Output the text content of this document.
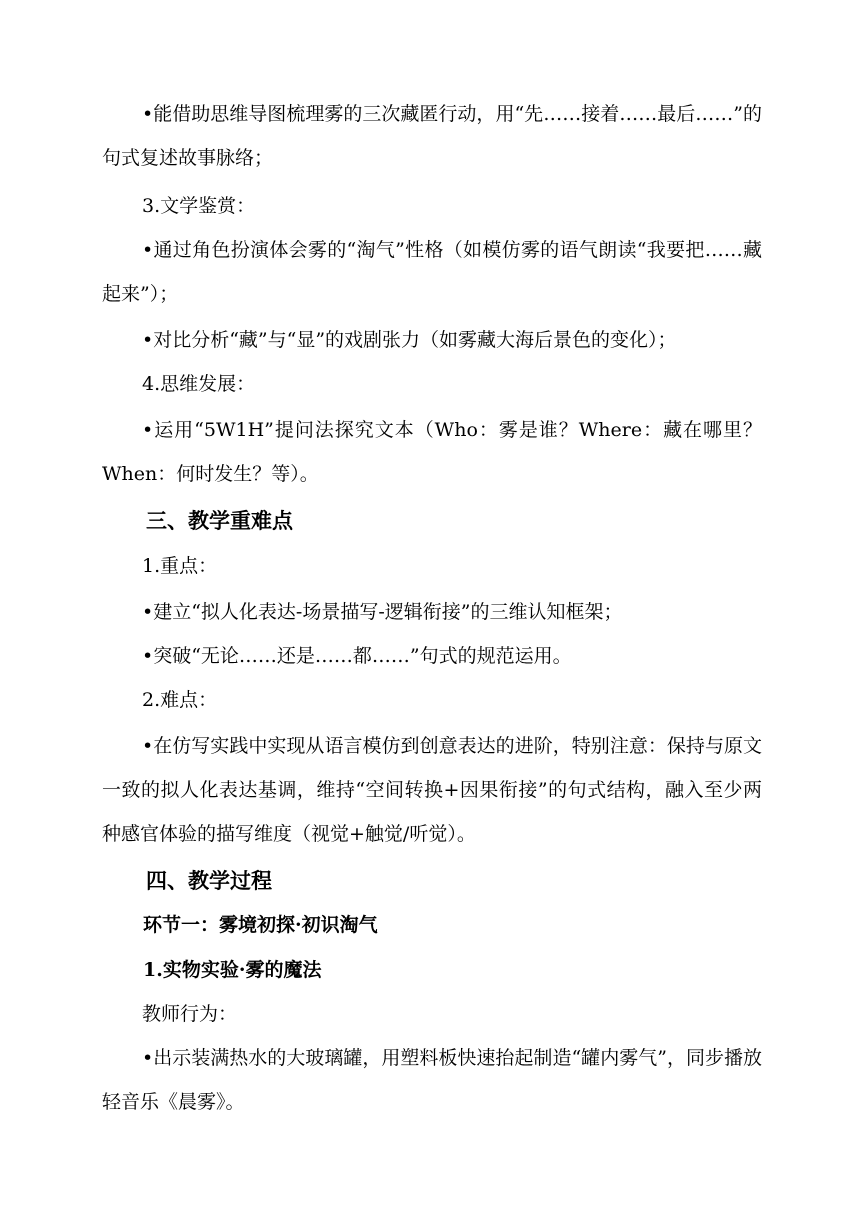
•能借助思维导图梳理雾的三次藏匿行动，用“先……接着……最后……”的句式复述故事脉络；

3.文学鉴赏：

•通过角色扮演体会雾的“淘气”性格（如模仿雾的语气朗读“我要把……藏起来”）；

•对比分析“藏”与“显”的戏剧张力（如雾藏大海后景色的变化）；

4.思维发展：

•运用“5W1H”提问法探究文本（Who：雾是谁？Where：藏在哪里？When：何时发生？等）。

三、教学重难点

1.重点：

•建立“拟人化表达-场景描写-逻辑衔接”的三维认知框架；

•突破“无论……还是……都……”句式的规范运用。

2.难点：

•在仿写实践中实现从语言模仿到创意表达的进阶，特别注意：保持与原文一致的拟人化表达基调，维持“空间转换+因果衔接”的句式结构，融入至少两种感官体验的描写维度（视觉+触觉/听觉）。

四、教学过程
环节一：雾境初探·初识淘气
1.实物实验·雾的魔法

教师行为：

•出示装满热水的大玻璃罐，用塑料板快速抬起制造“罐内雾气”，同步播放轻音乐《晨雾》。
